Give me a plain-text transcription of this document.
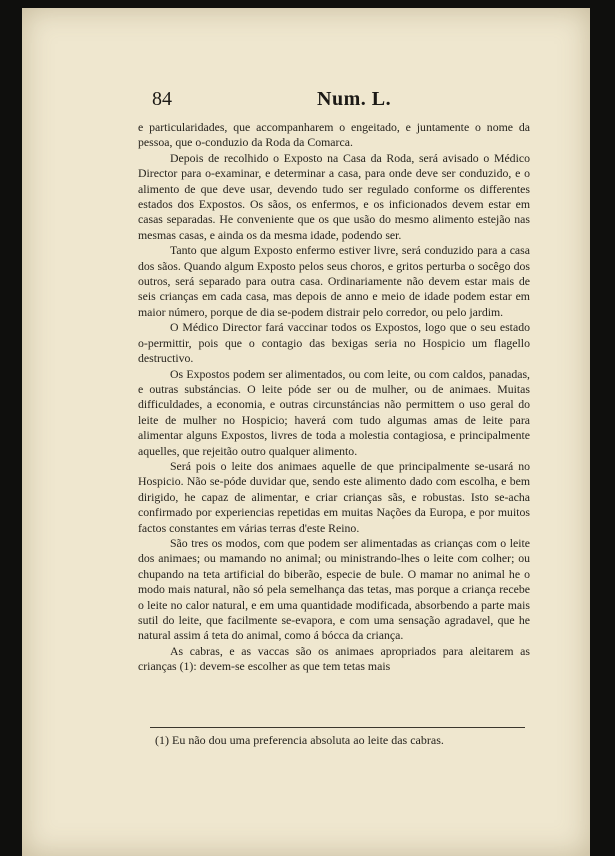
84	Num. L.

e particularidades, que accompanharem o engeitado, e juntamente o nome da pessoa, que o-conduzio da Roda da Comarca.

Depois de recolhido o Exposto na Casa da Roda, será avisado o Médico Director para o-examinar, e determinar a casa, para onde deve ser conduzido, e o alimento de que deve usar, devendo tudo ser regulado conforme os differentes estados dos Expostos. Os sãos, os enfermos, e os inficionados devem estar em casas separadas. He conveniente que os que usão do mesmo alimento estejão nas mesmas casas, e ainda os da mesma idade, podendo ser.

Tanto que algum Exposto enfermo estiver livre, será conduzido para a casa dos sãos. Quando algum Exposto pelos seus choros, e gritos perturba o socêgo dos outros, será separado para outra casa. Ordinariamente não devem estar mais de seis crianças em cada casa, mas depois de anno e meio de idade podem estar em maior número, porque de dia se-podem distrair pelo corredor, ou pelo jardim.

O Médico Director fará vaccinar todos os Expostos, logo que o seu estado o-permittir, pois que o contagio das bexigas seria no Hospicio um flagello destructivo.

Os Expostos podem ser alimentados, ou com leite, ou com caldos, panadas, e outras substáncias. O leite póde ser ou de mulher, ou de animaes. Muitas difficuldades, a economia, e outras circunstáncias não permittem o uso geral do leite de mulher no Hospicio; haverá com tudo algumas amas de leite para alimentar alguns Expostos, livres de toda a molestia contagiosa, e principalmente aquelles, que rejeitão outro qualquer alimento.

Será pois o leite dos animaes aquelle de que principalmente se-usará no Hospicio. Não se-póde duvidar que, sendo este alimento dado com escolha, e bem dirigido, he capaz de alimentar, e criar crianças sãs, e robustas. Isto se-acha confirmado por experiencias repetidas em muitas Nações da Europa, e por muitos factos constantes em várias terras d'este Reino.

São tres os modos, com que podem ser alimentadas as crianças com o leite dos animaes; ou mamando no animal; ou ministrando-lhes o leite com colher; ou chupando na teta artificial do biberão, especie de bule. O mamar no animal he o modo mais natural, não só pela semelhança das tetas, mas porque a criança recebe o leite no calor natural, e em uma quantidade modificada, absorbendo a parte mais sutil do leite, que facilmente se-evapora, e com uma sensação agradavel, que he natural assim á teta do animal, como á bócca da criança.

As cabras, e as vaccas são os animaes apropriados para aleitarem as crianças (1): devem-se escolher as que tem tetas mais

(1) Eu não dou uma preferencia absoluta ao leite das cabras.
